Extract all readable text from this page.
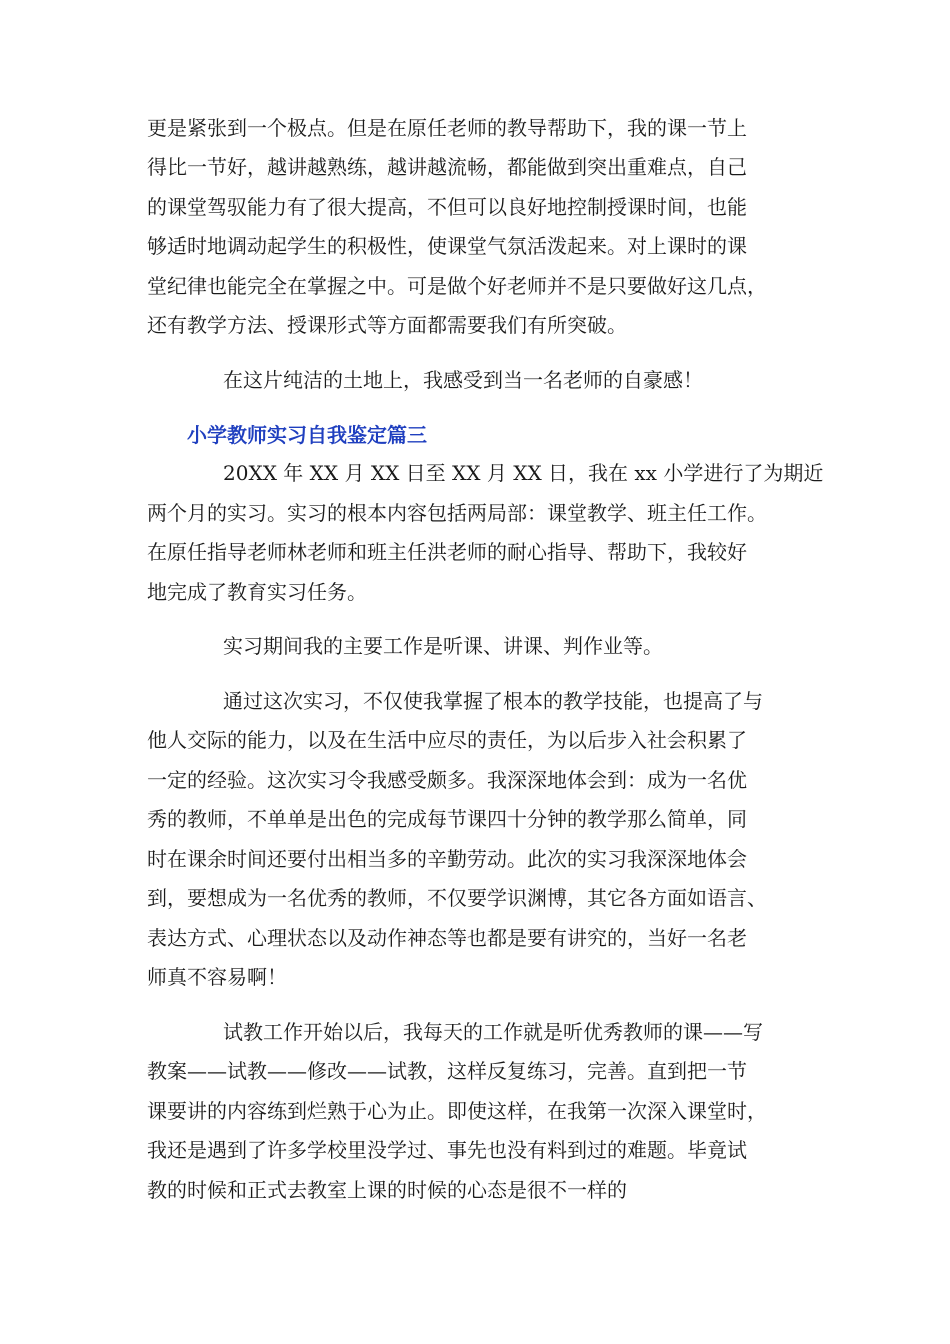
更是紧张到一个极点。但是在原任老师的教导帮助下，我的课一节上
得比一节好，越讲越熟练，越讲越流畅，都能做到突出重难点，自己
的课堂驾驭能力有了很大提高，不但可以良好地控制授课时间，也能
够适时地调动起学生的积极性，使课堂气氛活泼起来。对上课时的课
堂纪律也能完全在掌握之中。可是做个好老师并不是只要做好这几点，
还有教学方法、授课形式等方面都需要我们有所突破。
在这片纯洁的土地上，我感受到当一名老师的自豪感！
小学教师实习自我鉴定篇三
20XX 年 XX 月 XX 日至 XX 月 XX 日，我在 xx 小学进行了为期近
两个月的实习。实习的根本内容包括两局部：课堂教学、班主任工作。
在原任指导老师林老师和班主任洪老师的耐心指导、帮助下，我较好
地完成了教育实习任务。
实习期间我的主要工作是听课、讲课、判作业等。
通过这次实习，不仅使我掌握了根本的教学技能，也提高了与
他人交际的能力，以及在生活中应尽的责任，为以后步入社会积累了
一定的经验。这次实习令我感受颇多。我深深地体会到：成为一名优
秀的教师，不单单是出色的完成每节课四十分钟的教学那么简单，同
时在课余时间还要付出相当多的辛勤劳动。此次的实习我深深地体会
到，要想成为一名优秀的教师，不仅要学识渊博，其它各方面如语言、
表达方式、心理状态以及动作神态等也都是要有讲究的，当好一名老
师真不容易啊！
试教工作开始以后，我每天的工作就是听优秀教师的课——写
教案——试教——修改——试教，这样反复练习，完善。直到把一节
课要讲的内容练到烂熟于心为止。即使这样，在我第一次深入课堂时，
我还是遇到了许多学校里没学过、事先也没有料到过的难题。毕竟试
教的时候和正式去教室上课的时候的心态是很不一样的
